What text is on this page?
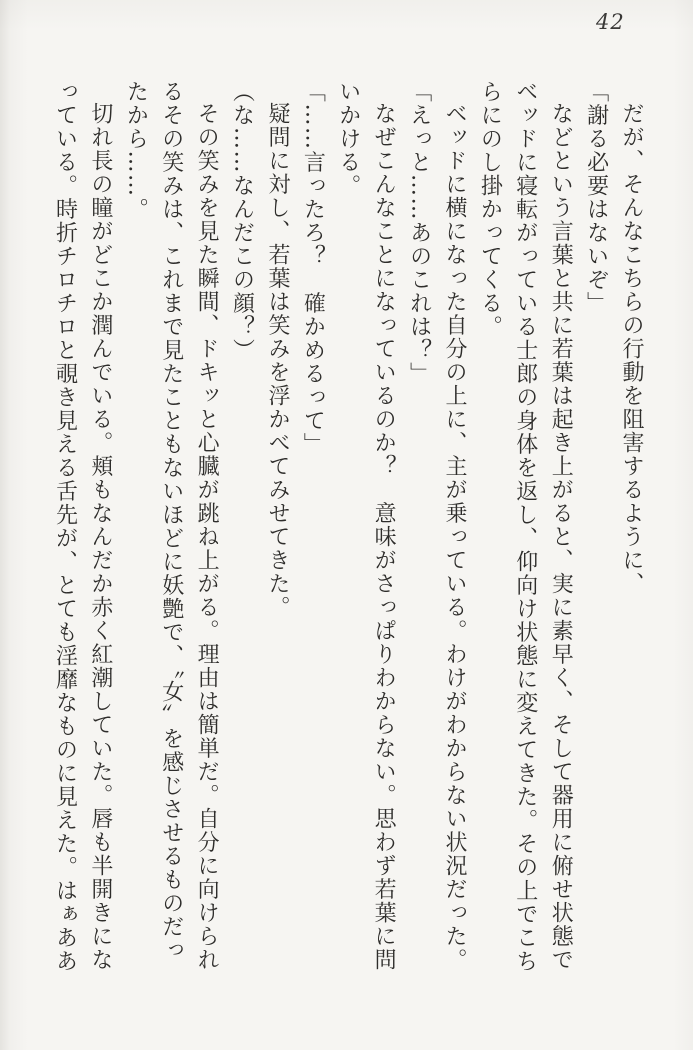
42
だが、そんなこちらの行動を阻害するように、
「謝る必要はないぞ」
などという言葉と共に若葉は起き上がると、実に素早く、そして器用に俯せ状態で
ベッドに寝転がっている士郎の身体を返し、仰向け状態に変えてきた。その上でこち
らにのし掛かってくる。
ベッドに横になった自分の上に、主が乗っている。わけがわからない状況だった。
「えっと……あのこれは？」
なぜこんなことになっているのか？　意味がさっぱりわからない。思わず若葉に問
いかける。
「……言ったろ？　確かめるって」
疑問に対し、若葉は笑みを浮かべてみせてきた。
（な……なんだこの顔？）
その笑みを見た瞬間、ドキッと心臓が跳ね上がる。理由は簡単だ。自分に向けられ
るその笑みは、これまで見たこともないほどに妖艶で、〝女〟を感じさせるものだっ
たから……。
切れ長の瞳がどこか潤んでいる。頬もなんだか赤く紅潮していた。唇も半開きにな
っている。時折チロチロと覗き見える舌先が、とても淫靡なものに見えた。はぁああ
